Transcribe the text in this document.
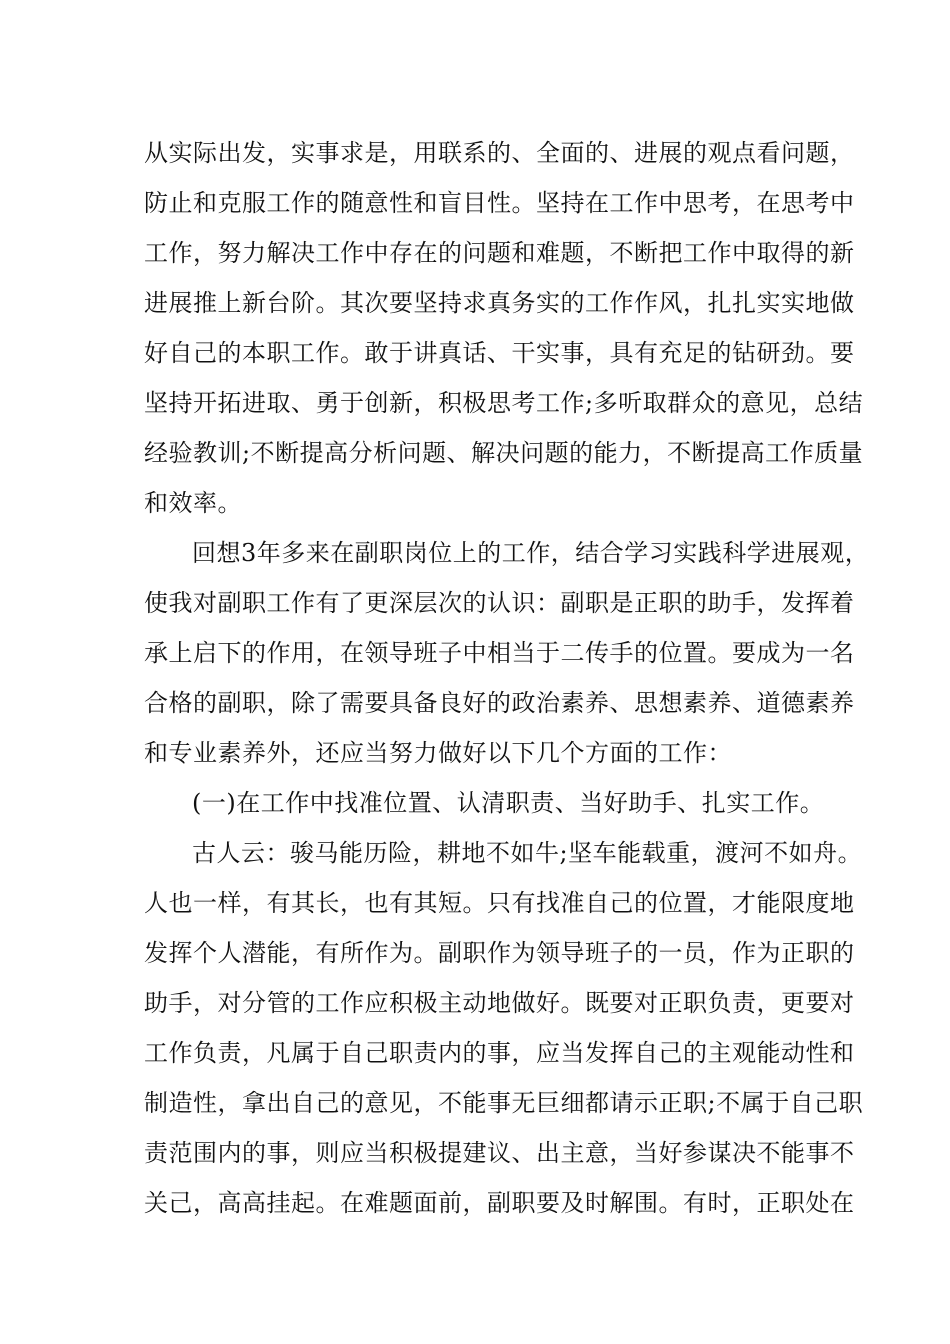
从 实 际 出 发 ， 实 事 求 是 ， 用 联 系 的 、 全 面 的 、 进 展 的 观 点 看 问 题 ，
防 止 和 克 服 工 作 的 随 意 性 和 盲 目 性 。 坚 持 在 工 作 中 思 考 ， 在 思 考 中
工 作 ， 努 力 解 决 工 作 中 存 在 的 问 题 和 难 题 ， 不 断 把 工 作 中 取 得 的 新
进 展 推 上 新 台 阶 。 其 次 要 坚 持 求 真 务 实 的 工 作 作 风 ， 扎 扎 实 实 地 做
好 自 己 的 本 职 工 作 。 敢 于 讲 真 话 、 干 实 事 ， 具 有 充 足 的 钻 研 劲 。 要
坚 持 开 拓 进 取 、 勇 于 创 新 ， 积 极 思 考 工 作 ; 多 听 取 群 众 的 意 见 ， 总 结
经 验 教 训 ; 不 断 提 高 分 析 问 题 、 解 决 问 题 的 能 力 ， 不 断 提 高 工 作 质 量
和效率。
回 想 3 年 多 来 在 副 职 岗 位 上 的 工 作 ， 结 合 学 习 实 践 科 学 进 展 观 ，
使 我 对 副 职 工 作 有 了 更 深 层 次 的 认 识 ： 副 职 是 正 职 的 助 手 ， 发 挥 着
承 上 启 下 的 作 用 ， 在 领 导 班 子 中 相 当 于 二 传 手 的 位 置 。 要 成 为 一 名
合 格 的 副 职 ， 除 了 需 要 具 备 良 好 的 政 治 素 养 、 思 想 素 养 、 道 德 素 养
和专业素养外，还应当努力做好以下几个方面的工作：
(一)在工作中找准位置、认清职责、当好助手、扎实工作。
古 人 云 ： 骏 马 能 历 险 ， 耕 地 不 如 牛 ; 坚 车 能 载 重 ， 渡 河 不 如 舟 。
人 也 一 样 ， 有 其 长 ， 也 有 其 短 。 只 有 找 准 自 己 的 位 置 ， 才 能 限 度 地
发 挥 个 人 潜 能 ， 有 所 作 为 。 副 职 作 为 领 导 班 子 的 一 员 ， 作 为 正 职 的
助 手 ， 对 分 管 的 工 作 应 积 极 主 动 地 做 好 。 既 要 对 正 职 负 责 ， 更 要 对
工 作 负 责 ， 凡 属 于 自 己 职 责 内 的 事 ， 应 当 发 挥 自 己 的 主 观 能 动 性 和
制 造 性 ， 拿 出 自 己 的 意 见 ， 不 能 事 无 巨 细 都 请 示 正 职 ; 不 属 于 自 己 职
责 范 围 内 的 事 ， 则 应 当 积 极 提 建 议 、 出 主 意 ， 当 好 参 谋 决 不 能 事 不
关 己 ， 高 高 挂 起 。 在 难 题 面 前 ， 副 职 要 及 时 解 围 。 有 时 ， 正 职 处 在
